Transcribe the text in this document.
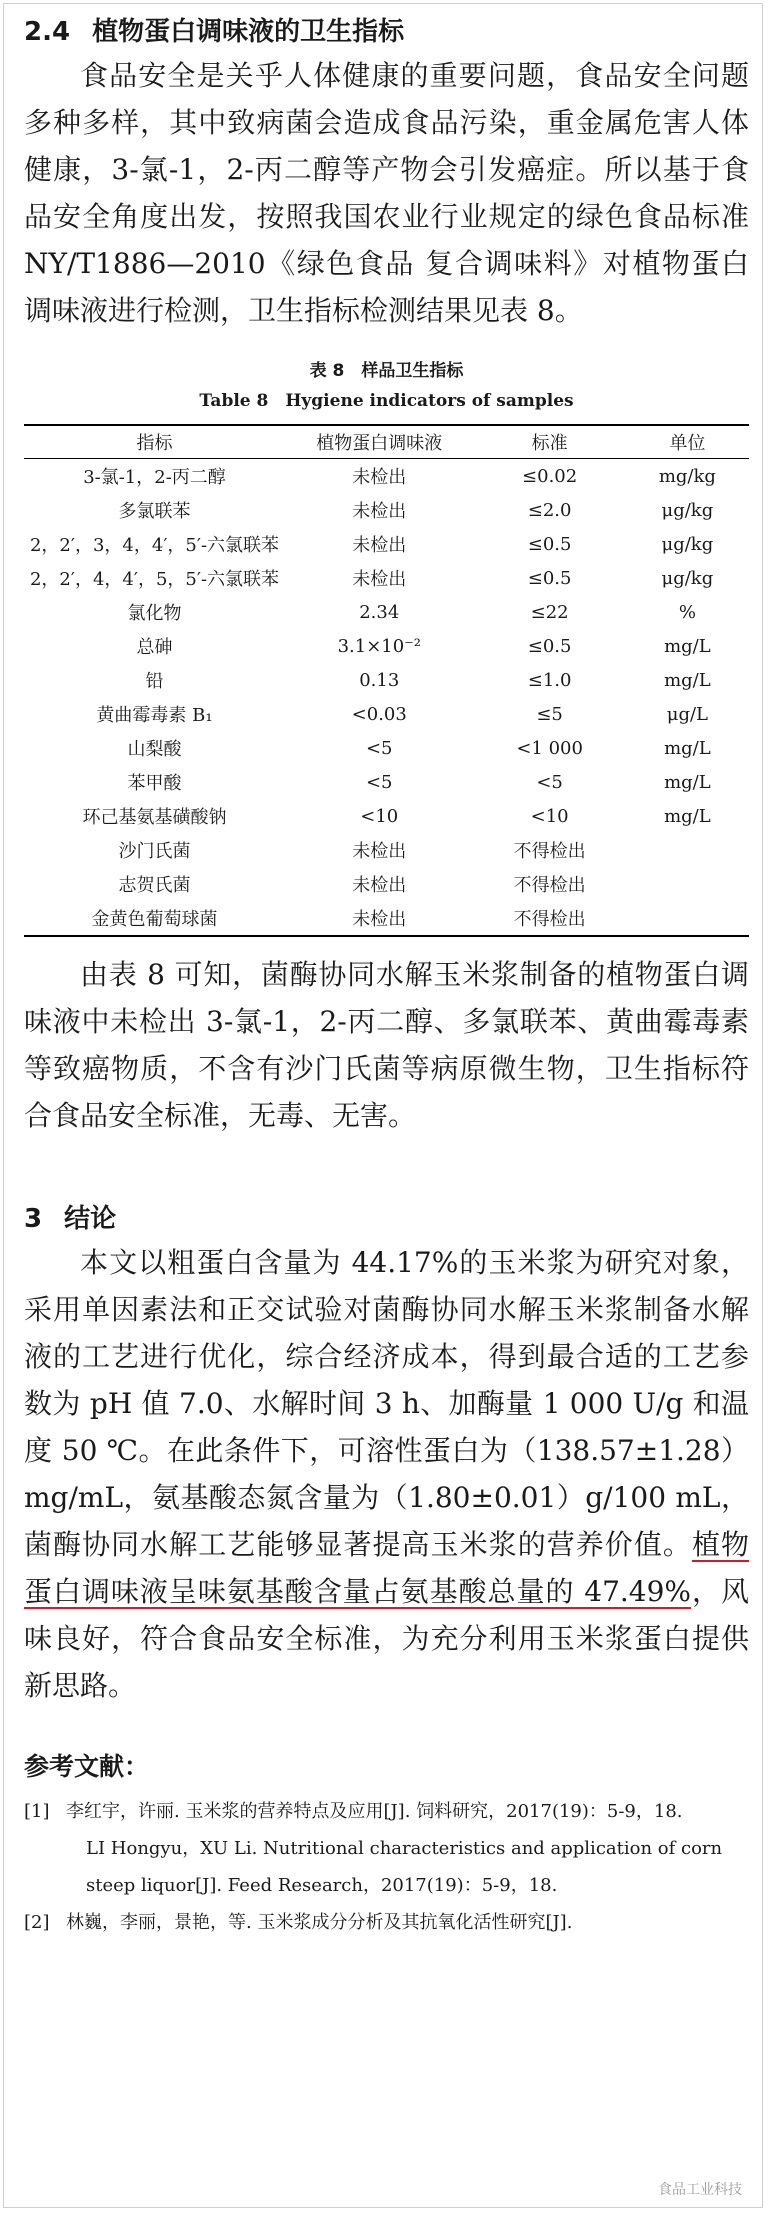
2.4 植物蛋白调味液的卫生指标

食品安全是关乎人体健康的重要问题，食品安全问题多种多样，其中致病菌会造成食品污染，重金属危害人体健康，3-氯-1，2-丙二醇等产物会引发癌症。所以基于食品安全角度出发，按照我国农业行业规定的绿色食品标准 NY/T1886—2010《绿色食品 复合调味料》对植物蛋白调味液进行检测，卫生指标检测结果见表 8。

表 8　样品卫生指标

Table 8　Hygiene indicators of samples

指标	植物蛋白调味液	标准	单位
3-氯-1，2-丙二醇	未检出	≤0.02	mg/kg
多氯联苯	未检出	≤2.0	μg/kg
2，2′，3，4，4′，5′-六氯联苯	未检出	≤0.5	μg/kg
2，2′，4，4′，5，5′-六氯联苯	未检出	≤0.5	μg/kg
氯化物	2.34	≤22	%
总砷	3.1×10⁻²	≤0.5	mg/L
铅	0.13	≤1.0	mg/L
黄曲霉毒素 B₁	<0.03	≤5	μg/L
山梨酸	<5	<1 000	mg/L
苯甲酸	<5	<5	mg/L
环己基氨基磺酸钠	<10	<10	mg/L
沙门氏菌	未检出	不得检出	
志贺氏菌	未检出	不得检出	
金黄色葡萄球菌	未检出	不得检出	

由表 8 可知，菌酶协同水解玉米浆制备的植物蛋白调味液中未检出 3-氯-1，2-丙二醇、多氯联苯、黄曲霉毒素等致癌物质，不含有沙门氏菌等病原微生物，卫生指标符合食品安全标准，无毒、无害。

3 结论

本文以粗蛋白含量为 44.17%的玉米浆为研究对象，采用单因素法和正交试验对菌酶协同水解玉米浆制备水解液的工艺进行优化，综合经济成本，得到最合适的工艺参数为 pH 值 7.0、水解时间 3 h、加酶量 1 000 U/g 和温度 50 ℃。在此条件下，可溶性蛋白为（138.57±1.28）mg/mL，氨基酸态氮含量为（1.80±0.01）g/100 mL，菌酶协同水解工艺能够显著提高玉米浆的营养价值。植物蛋白调味液呈味氨基酸含量占氨基酸总量的 47.49%，风味良好，符合食品安全标准，为充分利用玉米浆蛋白提供新思路。

参考文献：
[1] 李红宇，许丽. 玉米浆的营养特点及应用[J]. 饲料研究，2017(19)：5-9，18.
LI Hongyu，XU Li. Nutritional characteristics and application of corn steep liquor[J]. Feed Research，2017(19)：5-9，18.
[2] 林巍，李丽，景艳，等. 玉米浆成分分析及其抗氧化活性研究[J].
食品工业科技
